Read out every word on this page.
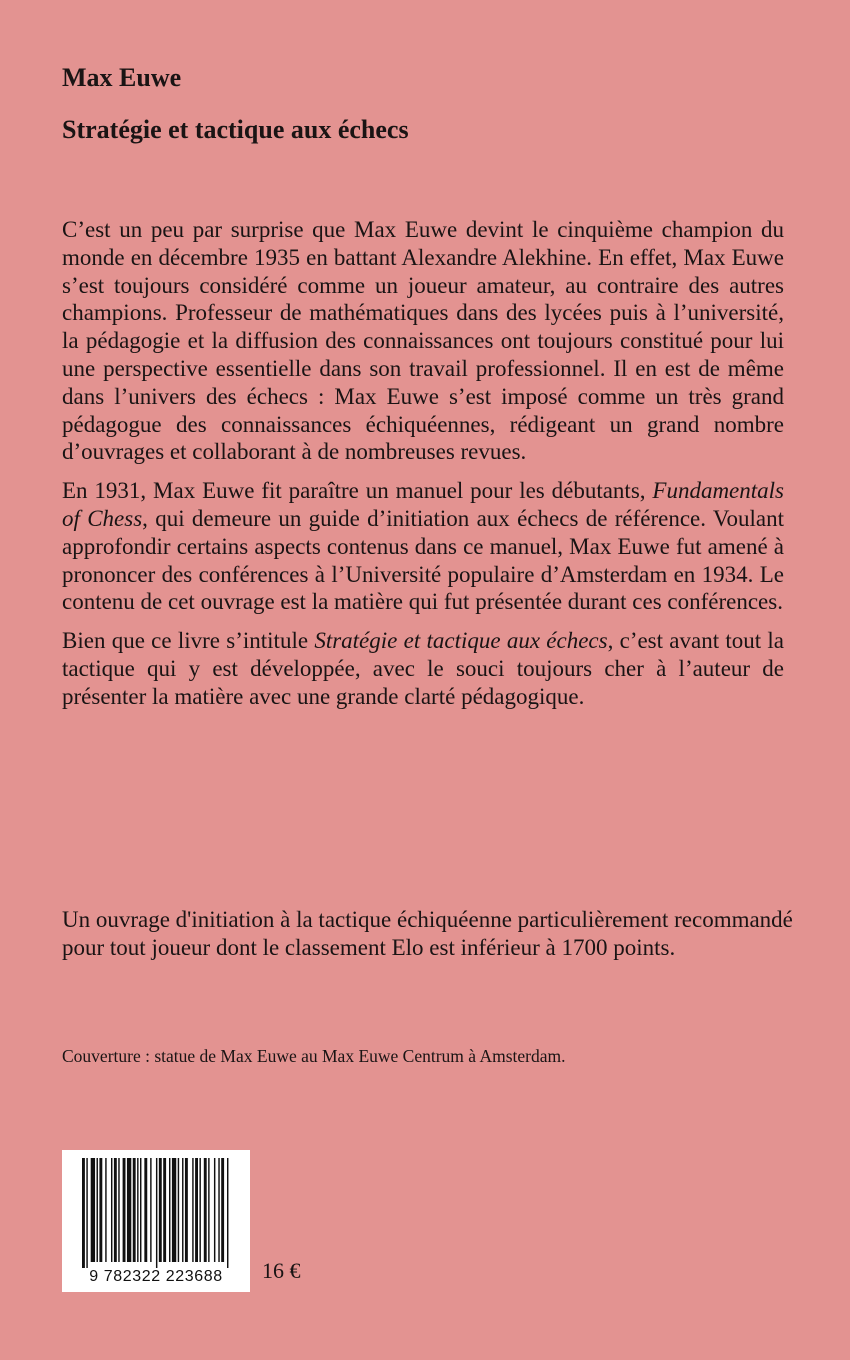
Max Euwe
Stratégie et tactique aux échecs

C’est un peu par surprise que Max Euwe devint le cinquième champion du monde en décembre 1935 en battant Alexandre Alekhine. En effet, Max Euwe s’est toujours considéré comme un joueur amateur, au contraire des autres champions. Professeur de mathématiques dans des lycées puis à l’université, la pédagogie et la diffusion des connaissances ont toujours constitué pour lui une perspective essentielle dans son travail professionnel. Il en est de même dans l’univers des échecs : Max Euwe s’est imposé comme un très grand pédagogue des connaissances échiquéennes, rédigeant un grand nombre d’ouvrages et collaborant à de nombreuses revues.

En 1931, Max Euwe fit paraître un manuel pour les débutants, Fundamentals of Chess, qui demeure un guide d’initiation aux échecs de référence. Voulant approfondir certains aspects contenus dans ce manuel, Max Euwe fut amené à prononcer des conférences à l’Université populaire d’Amsterdam en 1934. Le contenu de cet ouvrage est la matière qui fut présentée durant ces conférences.

Bien que ce livre s’intitule Stratégie et tactique aux échecs, c’est avant tout la tactique qui y est développée, avec le souci toujours cher à l’auteur de présenter la matière avec une grande clarté pédagogique.

Un ouvrage d'initiation à la tactique échiquéenne particulièrement recommandé pour tout joueur dont le classement Elo est inférieur à 1700 points.

Couverture : statue de Max Euwe au Max Euwe Centrum à Amsterdam.

9 782322 223688	16 €
